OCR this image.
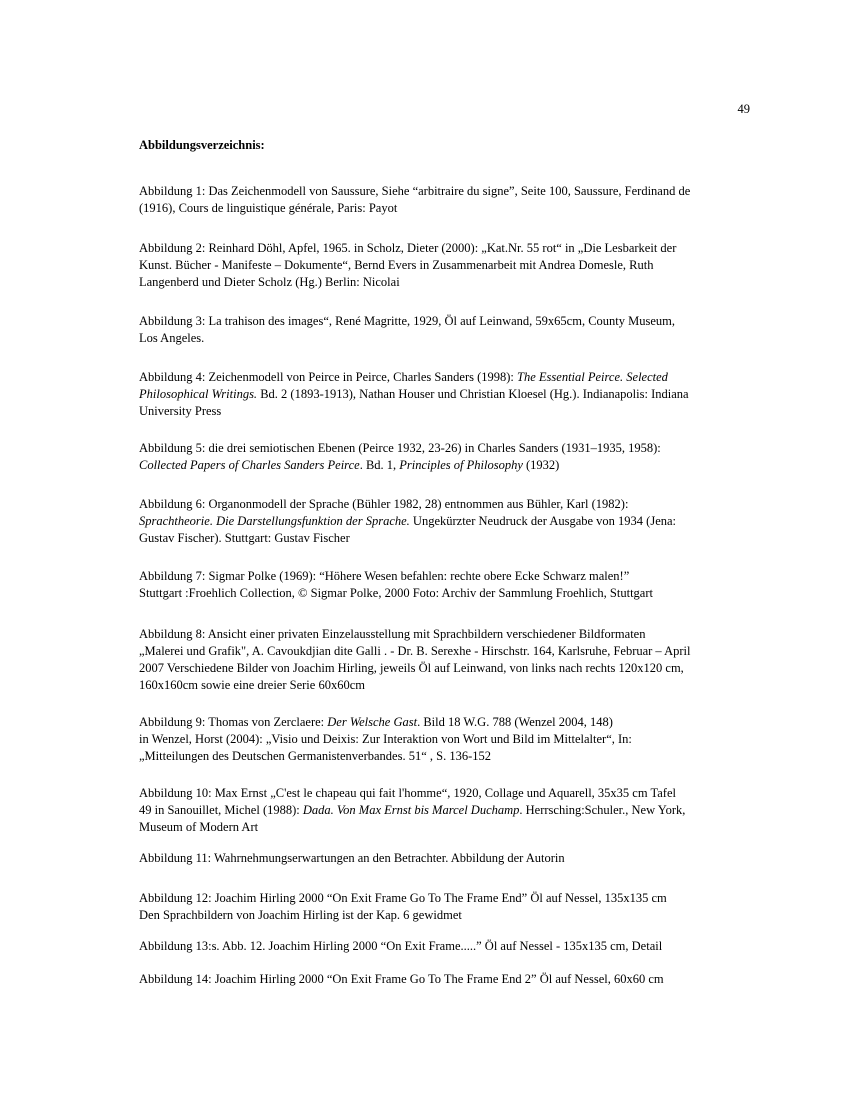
49
Abbildungsverzeichnis:

Abbildung 1: Das Zeichenmodell von Saussure, Siehe “arbitraire du signe”, Seite 100, Saussure, Ferdinand de
(1916), Cours de linguistique générale, Paris: Payot

Abbildung 2: Reinhard Döhl, Apfel, 1965. in Scholz, Dieter (2000): „Kat.Nr. 55 rot“ in „Die Lesbarkeit der
Kunst. Bücher - Manifeste – Dokumente“, Bernd Evers in Zusammenarbeit mit Andrea Domesle, Ruth
Langenberd und Dieter Scholz (Hg.) Berlin: Nicolai

Abbildung 3: La trahison des images“, René Magritte, 1929, Öl auf Leinwand, 59x65cm, County Museum,
Los Angeles.

Abbildung 4: Zeichenmodell von Peirce in Peirce, Charles Sanders (1998): The Essential Peirce. Selected
Philosophical Writings. Bd. 2 (1893-1913), Nathan Houser und Christian Kloesel (Hg.). Indianapolis: Indiana
University Press

Abbildung 5: die drei semiotischen Ebenen (Peirce 1932, 23-26) in Charles Sanders (1931–1935, 1958):
Collected Papers of Charles Sanders Peirce. Bd. 1, Principles of Philosophy (1932)

Abbildung 6: Organonmodell der Sprache (Bühler 1982, 28) entnommen aus Bühler, Karl (1982):
Sprachtheorie. Die Darstellungsfunktion der Sprache. Ungekürzter Neudruck der Ausgabe von 1934 (Jena:
Gustav Fischer). Stuttgart: Gustav Fischer

Abbildung 7: Sigmar Polke (1969): “Höhere Wesen befahlen: rechte obere Ecke Schwarz malen!”
Stuttgart :Froehlich Collection, © Sigmar Polke, 2000 Foto: Archiv der Sammlung Froehlich, Stuttgart

Abbildung 8: Ansicht einer privaten Einzelausstellung mit Sprachbildern verschiedener Bildformaten
„Malerei und Grafik", A. Cavoukdjian dite Galli . - Dr. B. Serexhe - Hirschstr. 164, Karlsruhe, Februar – April
2007 Verschiedene Bilder von Joachim Hirling, jeweils Öl auf Leinwand, von links nach rechts 120x120 cm,
160x160cm sowie eine dreier Serie 60x60cm

Abbildung 9: Thomas von Zerclaere: Der Welsche Gast. Bild 18 W.G. 788 (Wenzel 2004, 148)
in Wenzel, Horst (2004): „Visio und Deixis: Zur Interaktion von Wort und Bild im Mittelalter“, In:
„Mitteilungen des Deutschen Germanistenverbandes. 51“ , S. 136-152

Abbildung 10: Max Ernst „C'est le chapeau qui fait l'homme“, 1920, Collage und Aquarell, 35x35 cm Tafel
49 in Sanouillet, Michel (1988): Dada. Von Max Ernst bis Marcel Duchamp. Herrsching:Schuler., New York,
Museum of Modern Art

Abbildung 11: Wahrnehmungserwartungen an den Betrachter. Abbildung der Autorin

Abbildung 12: Joachim Hirling 2000 “On Exit Frame Go To The Frame End” Öl auf Nessel, 135x135 cm
Den Sprachbildern von Joachim Hirling ist der Kap. 6 gewidmet

Abbildung 13:s. Abb. 12. Joachim Hirling 2000 “On Exit Frame.....” Öl auf Nessel - 135x135 cm, Detail

Abbildung 14: Joachim Hirling 2000 “On Exit Frame Go To The Frame End 2” Öl auf Nessel, 60x60 cm
